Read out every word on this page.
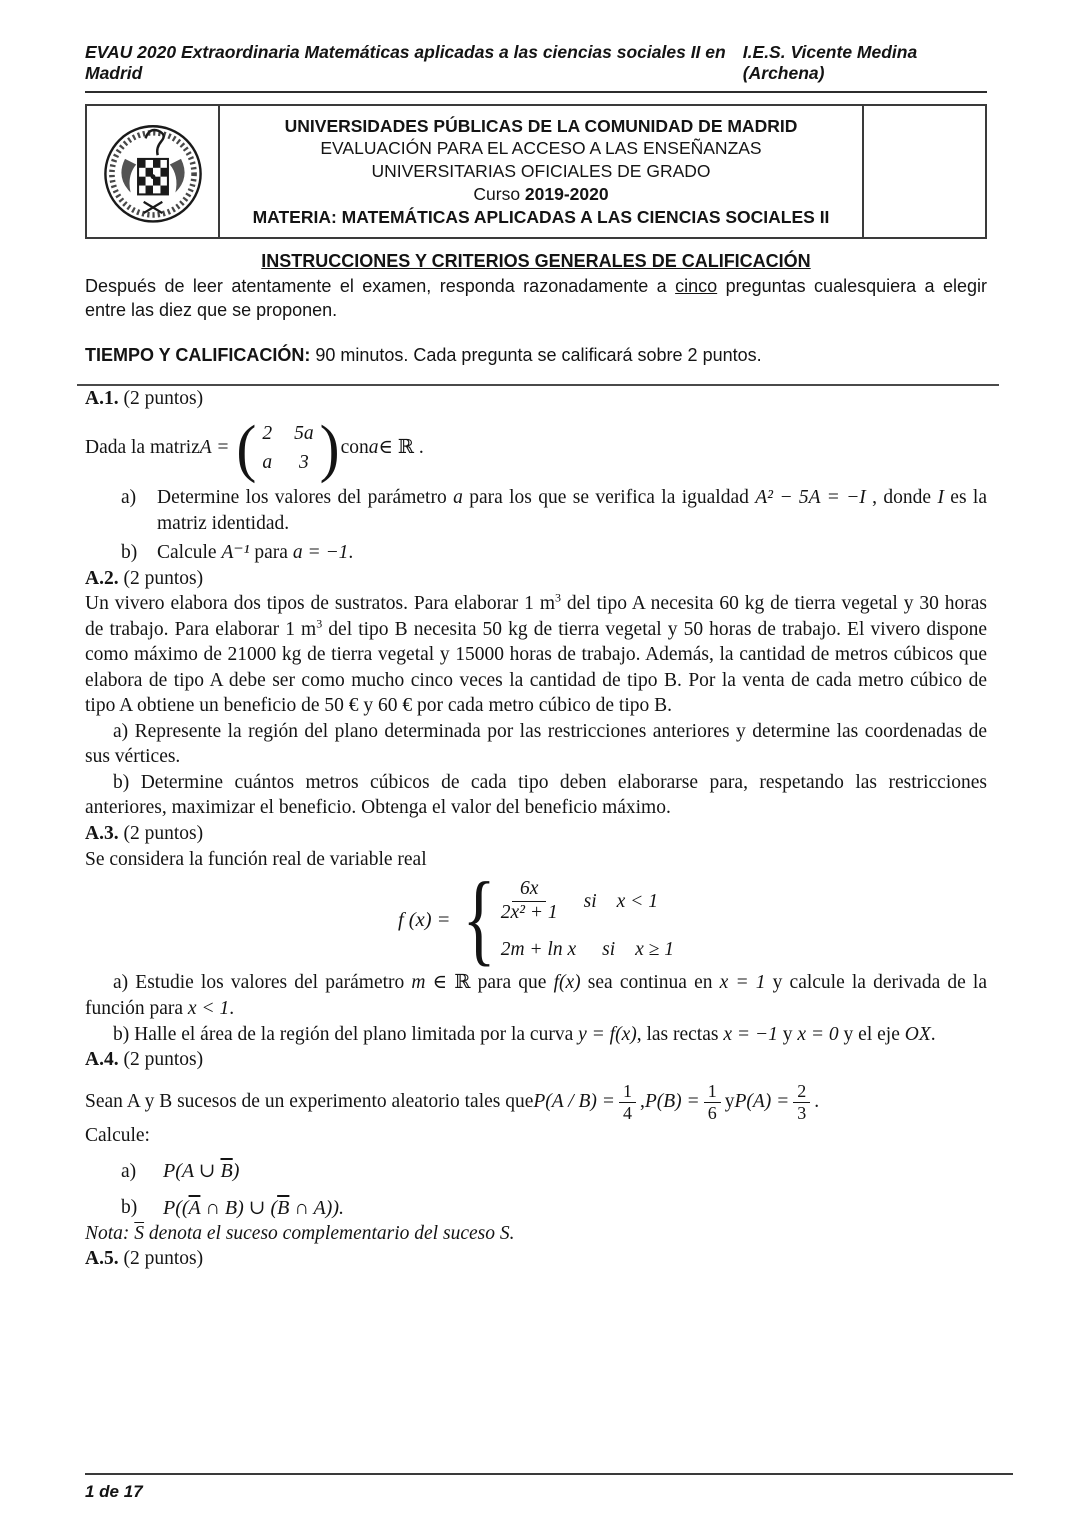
EVAU 2020 Extraordinaria Matemáticas aplicadas a las ciencias sociales II en Madrid
I.E.S. Vicente Medina (Archena)
UNIVERSIDADES PÚBLICAS DE LA COMUNIDAD DE MADRID
EVALUACIÓN PARA EL ACCESO A LAS ENSEÑANZAS
UNIVERSITARIAS OFICIALES DE GRADO
Curso 2019-2020
MATERIA: MATEMÁTICAS APLICADAS A LAS CIENCIAS SOCIALES II
INSTRUCCIONES Y CRITERIOS GENERALES DE CALIFICACIÓN

Después de leer atentamente el examen, responda razonadamente a cinco preguntas cualesquiera a elegir entre las diez que se proponen.

TIEMPO Y CALIFICACIÓN: 90 minutos. Cada pregunta se calificará sobre 2 puntos.

A.1. (2 puntos)

Dada la matriz A = ( 2 5a
a 3 ) con a ∈ ℝ .
a)	Determine los valores del parámetro a para los que se verifica la igualdad A² − 5A = −I , donde I es la matriz identidad.
b)	Calcule A⁻¹ para a = −1.

A.2. (2 puntos)

Un vivero elabora dos tipos de sustratos. Para elaborar 1 $m^3$ del tipo A necesita 60 kg de tierra vegetal y 30 horas de trabajo. Para elaborar 1 $m^3$ del tipo B necesita 50 kg de tierra vegetal y 50 horas de trabajo. El vivero dispone como máximo de 21000 kg de tierra vegetal y 15000 horas de trabajo. Además, la cantidad de metros cúbicos que elabora de tipo A debe ser como mucho cinco veces la cantidad de tipo B. Por la venta de cada metro cúbico de tipo A obtiene un beneficio de 50 € y 60 € por cada metro cúbico de tipo B.

a) Represente la región del plano determinada por las restricciones anteriores y determine las coordenadas de sus vértices.

b) Determine cuántos metros cúbicos de cada tipo deben elaborarse para, respetando las restricciones anteriores, maximizar el beneficio. Obtenga el valor del beneficio máximo.

A.3. (2 puntos)

Se considera la función real de variable real

f (x) = { $\frac{6x}{\text{2x² + 1}}$ si x < 1
2m + ln x si x ≥ 1

a) Estudie los valores del parámetro m ∈ ℝ para que f(x) sea continua en x = 1 y calcule la derivada de la función para x < 1.

b) Halle el área de la región del plano limitada por la curva y = f(x), las rectas x = −1 y x = 0 y el eje OX.

A.4. (2 puntos)

Sean A y B sucesos de un experimento aleatorio tales que $P(A / B) = \frac{1}{4}$ , $P(B) = \frac{1}{6}$ y $P(A) = \frac{2}{3}$ .

Calcule:

a)	P(A ∪ $\overline{B}$)
b)	$P((\overline{A}$ ∩ B) ∪ ($\overline{B}$ ∩ A)).

Nota: $\overline{S}$ denota el suceso complementario del suceso S.

A.5. (2 puntos)

1 de 17
